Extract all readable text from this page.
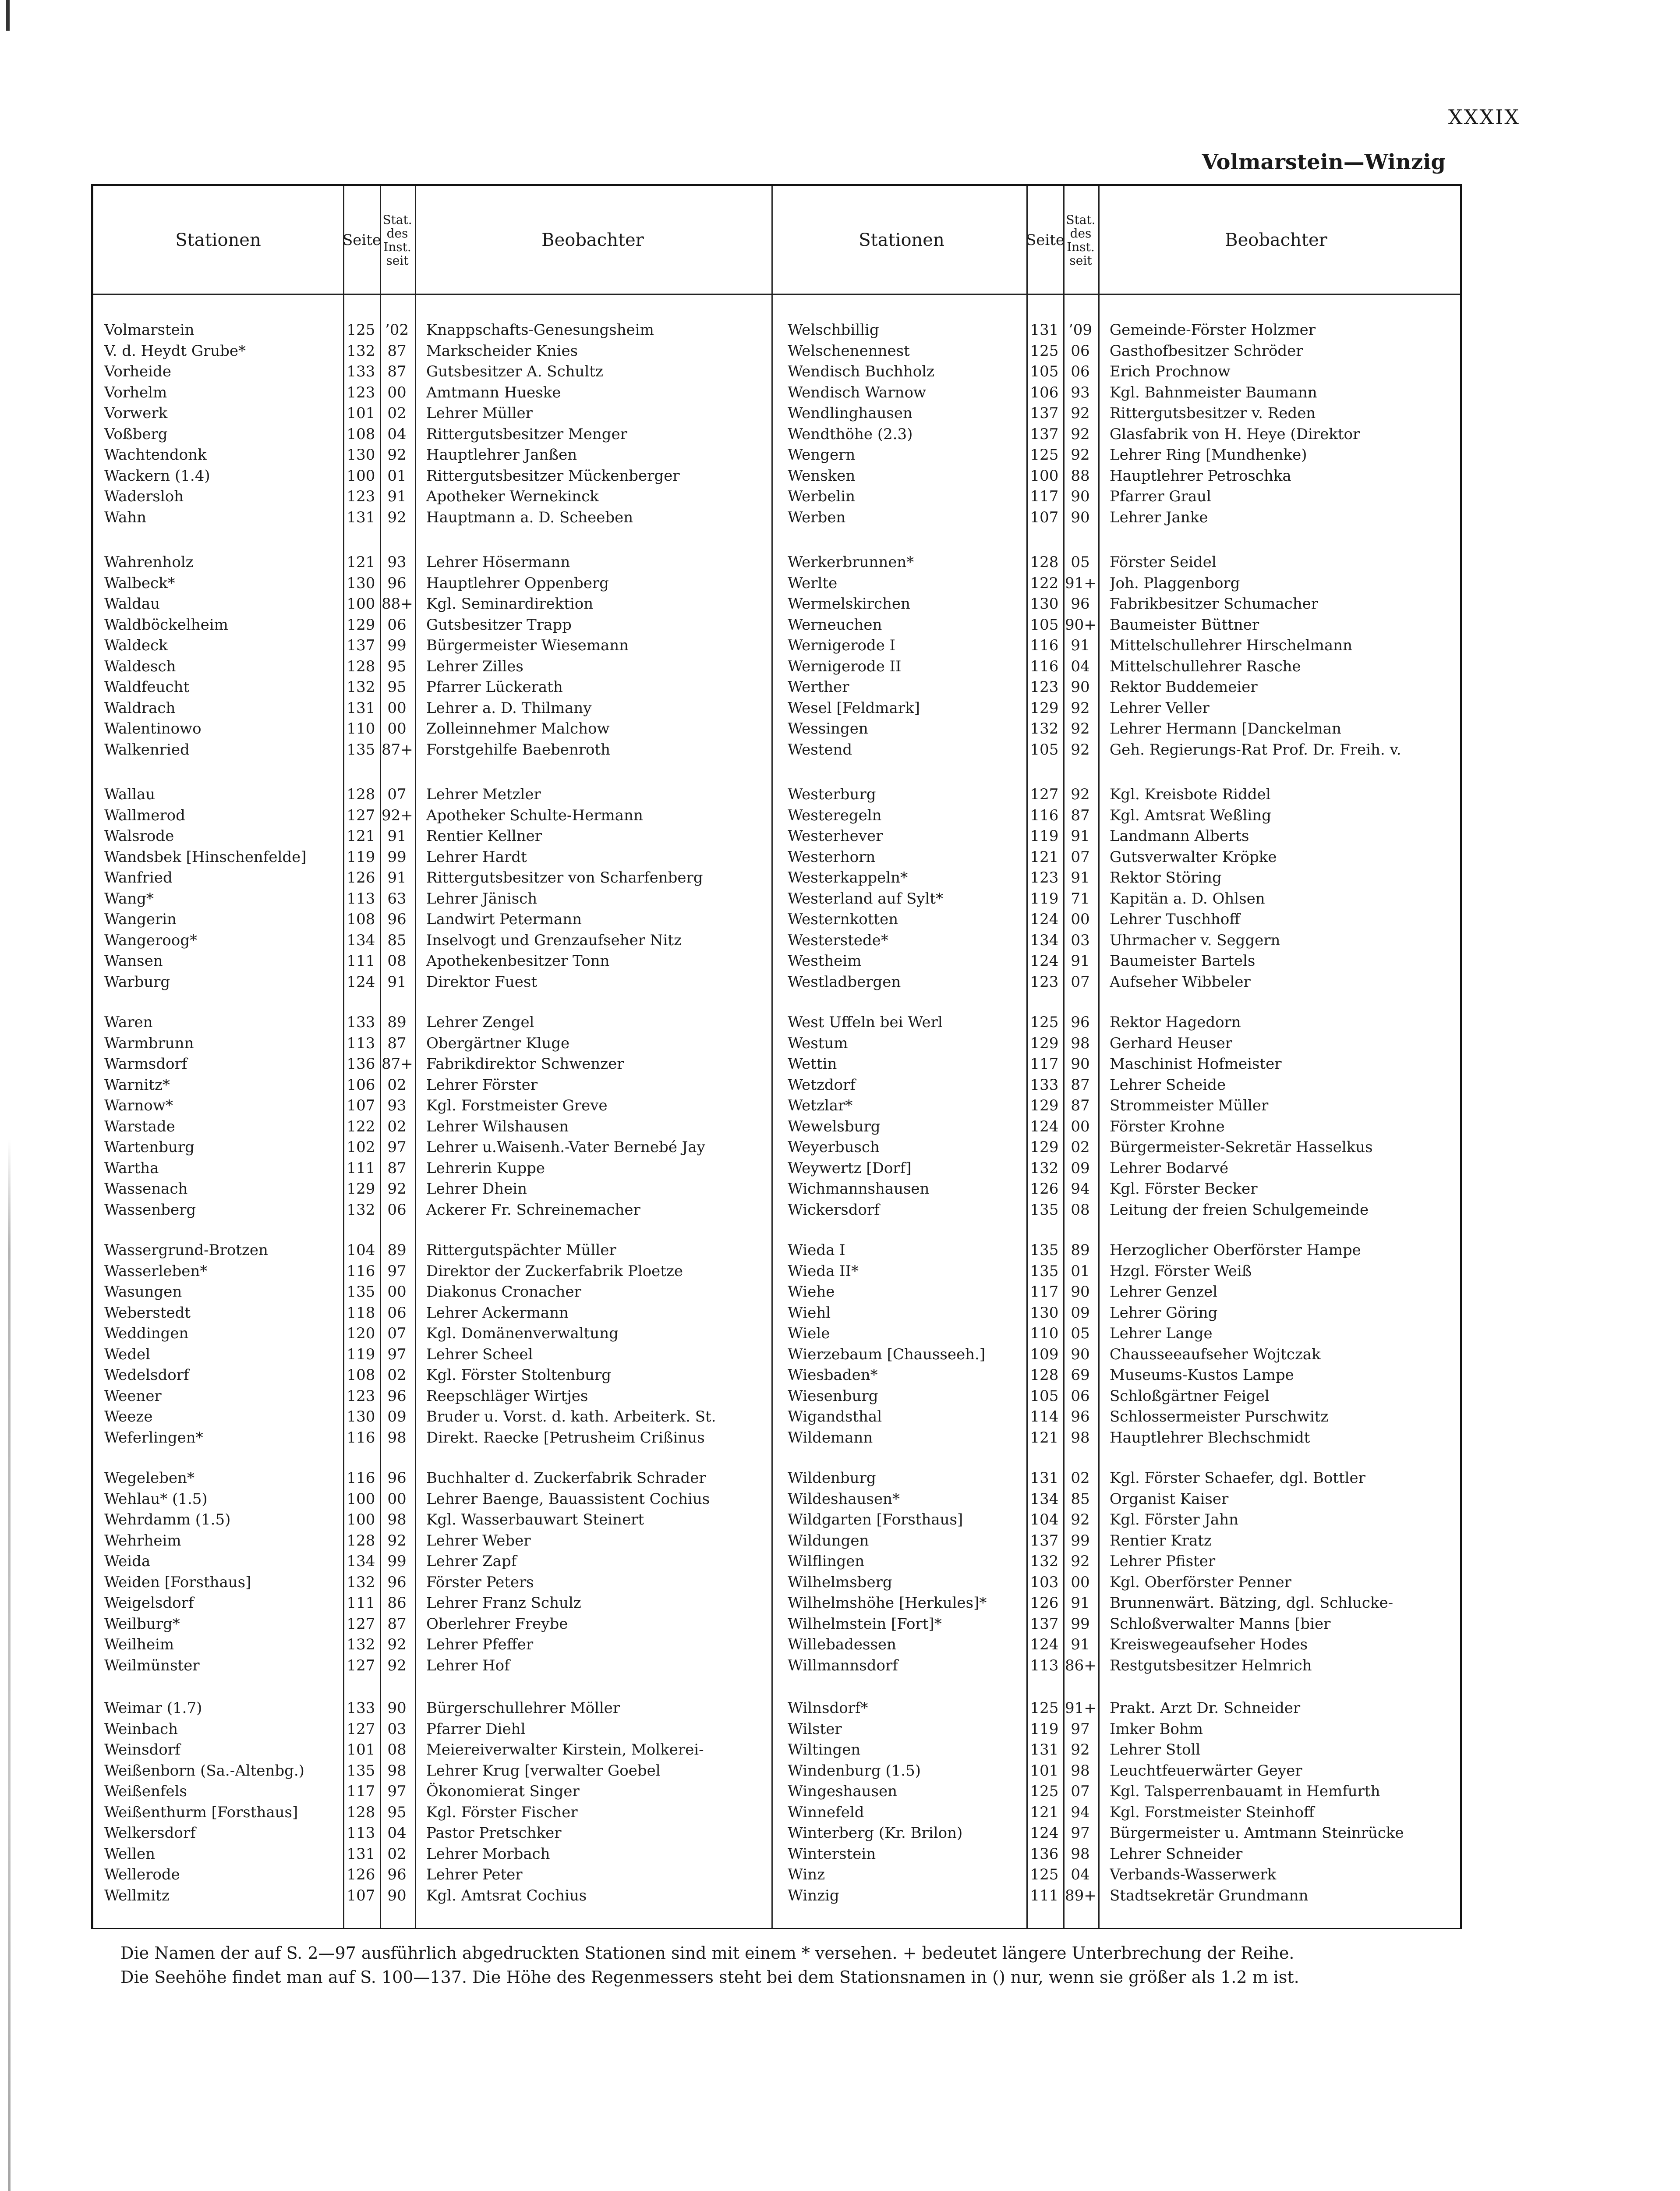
XXXIX
Volmarstein—Winzig
Stationen	Seite
Stat.
des
Inst.
seit
Beobachter
Volmarstein	125 ’02 Knappschafts-Genesungsheim
V. d. Heydt Grube*	132 87	Markscheider Knies
Vorheide	133 87	Gutsbesitzer A. Schultz
Vorhelm	123 00	Amtmann Hueske
Vorwerk	101 02	Lehrer Müller
Voßberg	108 04	Rittergutsbesitzer Menger
Wachtendonk	130 92	Hauptlehrer Janßen
Wackern (1.4)	100 01	Rittergutsbesitzer Mückenberger
Wadersloh	123 91	Apotheker Wernekinck
Wahn	131 92	Hauptmann a. D. Scheeben
Wahrenholz	121 93	Lehrer Hösermann
Walbeck*	130 96	Hauptlehrer Oppenberg
Waldau	100 88+ Kgl. Seminardirektion
Waldböckelheim	129 06	Gutsbesitzer Trapp
Waldeck	137 99	Bürgermeister Wiesemann
Waldesch	128 95	Lehrer Zilles
Waldfeucht	132 95	Pfarrer Lückerath
Waldrach	131 00	Lehrer a. D. Thilmany
Walentinowo	110 00	Zolleinnehmer Malchow
Walkenried	135 87+ Forstgehilfe Baebenroth
Wallau	128 07	Lehrer Metzler
Wallmerod	127 92+ Apotheker Schulte-Hermann
Walsrode	121 91	Rentier Kellner
Wandsbek [Hinschenfelde]	119 99	Lehrer Hardt
Wanfried	126 91	Rittergutsbesitzer von Scharfenberg
Wang*	113 63	Lehrer Jänisch
Wangerin	108 96	Landwirt Petermann
Wangeroog*	134 85	Inselvogt und Grenzaufseher Nitz
Wansen	111 08	Apothekenbesitzer Tonn
Warburg	124 91	Direktor Fuest
Waren	133 89	Lehrer Zengel
Warmbrunn	113 87	Obergärtner Kluge
Warmsdorf	136 87+ Fabrikdirektor Schwenzer
Warnitz*	106 02	Lehrer Förster
Warnow*	107 93	Kgl. Forstmeister Greve
Warstade	122 02	Lehrer Wilshausen
Wartenburg	102 97	Lehrer u.Waisenh.-Vater Bernebé Jay
Wartha	111 87	Lehrerin Kuppe
Wassenach	129 92	Lehrer Dhein
Wassenberg	132 06	Ackerer Fr. Schreinemacher
Wassergrund-Brotzen	104 89	Rittergutspächter Müller
Wasserleben*	116 97	Direktor der Zuckerfabrik Ploetze
Wasungen	135 00	Diakonus Cronacher
Weberstedt	118 06	Lehrer Ackermann
Weddingen	120 07	Kgl. Domänenverwaltung
Wedel	119 97	Lehrer Scheel
Wedelsdorf	108 02	Kgl. Förster Stoltenburg
Weener	123 96	Reepschläger Wirtjes
Weeze	130 09	Bruder u. Vorst. d. kath. Arbeiterk. St.
Weferlingen*	116 98	Direkt. Raecke [Petrusheim Crißinus
Wegeleben*	116 96	Buchhalter d. Zuckerfabrik Schrader
Wehlau* (1.5)	100 00	Lehrer Baenge, Bauassistent Cochius
Wehrdamm (1.5)	100 98	Kgl. Wasserbauwart Steinert
Wehrheim	128 92	Lehrer Weber
Weida	134 99	Lehrer Zapf
Weiden [Forsthaus]	132 96	Förster Peters
Weigelsdorf	111 86	Lehrer Franz Schulz
Weilburg*	127 87	Oberlehrer Freybe
Weilheim	132 92	Lehrer Pfeffer
Weilmünster	127 92	Lehrer Hof
Weimar (1.7)	133 90	Bürgerschullehrer Möller
Weinbach	127 03	Pfarrer Diehl
Weinsdorf	101 08	Meiereiverwalter Kirstein, Molkerei-
Weißenborn (Sa.-Altenbg.)	135 98	Lehrer Krug [verwalter Goebel
Weißenfels	117 97	Ökonomierat Singer
Weißenthurm [Forsthaus]	128 95	Kgl. Förster Fischer
Welkersdorf	113 04	Pastor Pretschker
Wellen	131 02	Lehrer Morbach
Wellerode	126 96	Lehrer Peter
Wellmitz	107 90	Kgl. Amtsrat Cochius
Stationen	Seite
Stat.
des
Inst.
seit
Beobachter
Welschbillig	131 ’09 Gemeinde-Förster Holzmer
Welschenennest	125 06	Gasthofbesitzer Schröder
Wendisch Buchholz	105 06	Erich Prochnow
Wendisch Warnow	106 93	Kgl. Bahnmeister Baumann
Wendlinghausen	137 92	Rittergutsbesitzer v. Reden
Wendthöhe (2.3)	137 92	Glasfabrik von H. Heye (Direktor
Wengern	125 92	Lehrer Ring [Mundhenke)
Wensken	100 88	Hauptlehrer Petroschka
Werbelin	117 90	Pfarrer Graul
Werben	107 90	Lehrer Janke
Werkerbrunnen*	128 05	Förster Seidel
Werlte	122 91+ Joh. Plaggenborg
Wermelskirchen	130 96	Fabrikbesitzer Schumacher
Werneuchen	105 90+ Baumeister Büttner
Wernigerode I	116 91	Mittelschullehrer Hirschelmann
Wernigerode II	116 04	Mittelschullehrer Rasche
Werther	123 90	Rektor Buddemeier
Wesel [Feldmark]	129 92	Lehrer Veller
Wessingen	132 92	Lehrer Hermann [Danckelman
Westend	105 92	Geh. Regierungs-Rat Prof. Dr. Freih. v.
Westerburg	127 92	Kgl. Kreisbote Riddel
Westeregeln	116 87	Kgl. Amtsrat Weßling
Westerhever	119 91	Landmann Alberts
Westerhorn	121 07	Gutsverwalter Kröpke
Westerkappeln*	123 91	Rektor Störing
Westerland auf Sylt*	119 71	Kapitän a. D. Ohlsen
Westernkotten	124 00	Lehrer Tuschhoff
Westerstede*	134 03	Uhrmacher v. Seggern
Westheim	124 91	Baumeister Bartels
Westladbergen	123 07	Aufseher Wibbeler
West Uffeln bei Werl	125 96	Rektor Hagedorn
Westum	129 98	Gerhard Heuser
Wettin	117 90	Maschinist Hofmeister
Wetzdorf	133 87	Lehrer Scheide
Wetzlar*	129 87	Strommeister Müller
Wewelsburg	124 00	Förster Krohne
Weyerbusch	129 02	Bürgermeister-Sekretär Hasselkus
Weywertz [Dorf]	132 09	Lehrer Bodarvé
Wichmannshausen	126 94	Kgl. Förster Becker
Wickersdorf	135 08	Leitung der freien Schulgemeinde
Wieda I	135 89	Herzoglicher Oberförster Hampe
Wieda II*	135 01	Hzgl. Förster Weiß
Wiehe	117 90	Lehrer Genzel
Wiehl	130 09	Lehrer Göring
Wiele	110 05	Lehrer Lange
Wierzebaum [Chausseeh.]	109 90	Chausseeaufseher Wojtczak
Wiesbaden*	128 69	Museums-Kustos Lampe
Wiesenburg	105 06	Schloßgärtner Feigel
Wigandsthal	114 96	Schlossermeister Purschwitz
Wildemann	121 98	Hauptlehrer Blechschmidt
Wildenburg	131 02	Kgl. Förster Schaefer, dgl. Bottler
Wildeshausen*	134 85	Organist Kaiser
Wildgarten [Forsthaus]	104 92	Kgl. Förster Jahn
Wildungen	137 99	Rentier Kratz
Wilflingen	132 92	Lehrer Pfister
Wilhelmsberg	103 00	Kgl. Oberförster Penner
Wilhelmshöhe [Herkules]*	126 91	Brunnenwärt. Bätzing, dgl. Schlucke-
Wilhelmstein [Fort]*	137 99	Schloßverwalter Manns [bier
Willebadessen	124 91	Kreiswegeaufseher Hodes
Willmannsdorf	113 86+ Restgutsbesitzer Helmrich
Wilnsdorf*	125 91+ Prakt. Arzt Dr. Schneider
Wilster	119 97	Imker Bohm
Wiltingen	131 92	Lehrer Stoll
Windenburg (1.5)	101 98	Leuchtfeuerwärter Geyer
Wingeshausen	125 07	Kgl. Talsperrenbauamt in Hemfurth
Winnefeld	121 94	Kgl. Forstmeister Steinhoff
Winterberg (Kr. Brilon)	124 97	Bürgermeister u. Amtmann Steinrücke
Winterstein	136 98	Lehrer Schneider
Winz	125 04	Verbands-Wasserwerk
Winzig	111 89+ Stadtsekretär Grundmann
Die Namen der auf S. 2—97 ausführlich abgedruckten Stationen sind mit einem * versehen. + bedeutet längere Unterbrechung der Reihe.
Die Seehöhe findet man auf S. 100—137. Die Höhe des Regenmessers steht bei dem Stationsnamen in () nur, wenn sie größer als 1.2 m ist.
